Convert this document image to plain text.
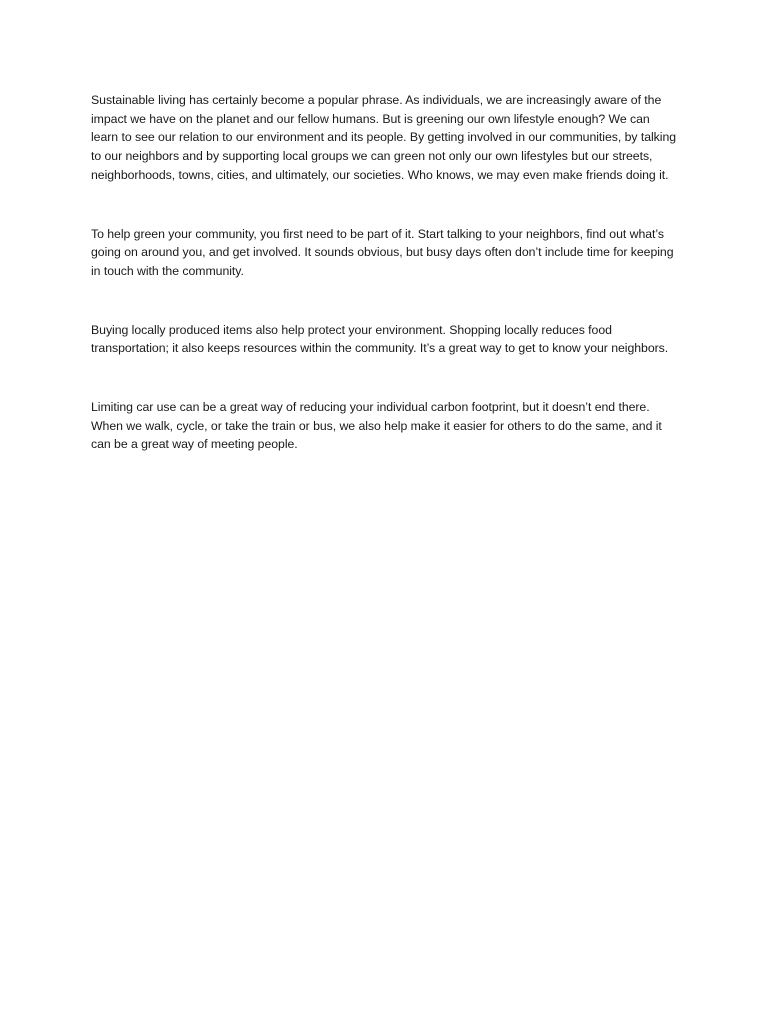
Sustainable living has certainly become a popular phrase. As individuals, we are increasingly aware of the impact we have on the planet and our fellow humans. But is greening our own lifestyle enough? We can learn to see our relation to our environment and its people. By getting involved in our communities, by talking to our neighbors and by supporting local groups we can green not only our own lifestyles but our streets, neighborhoods, towns, cities, and ultimately, our societies. Who knows, we may even make friends doing it.

To help green your community, you first need to be part of it. Start talking to your neighbors, find out what’s going on around you, and get involved. It sounds obvious, but busy days often don’t include time for keeping in touch with the community.

Buying locally produced items also help protect your environment. Shopping locally reduces food transportation; it also keeps resources within the community. It’s a great way to get to know your neighbors.

Limiting car use can be a great way of reducing your individual carbon footprint, but it doesn’t end there. When we walk, cycle, or take the train or bus, we also help make it easier for others to do the same, and it can be a great way of meeting people.
